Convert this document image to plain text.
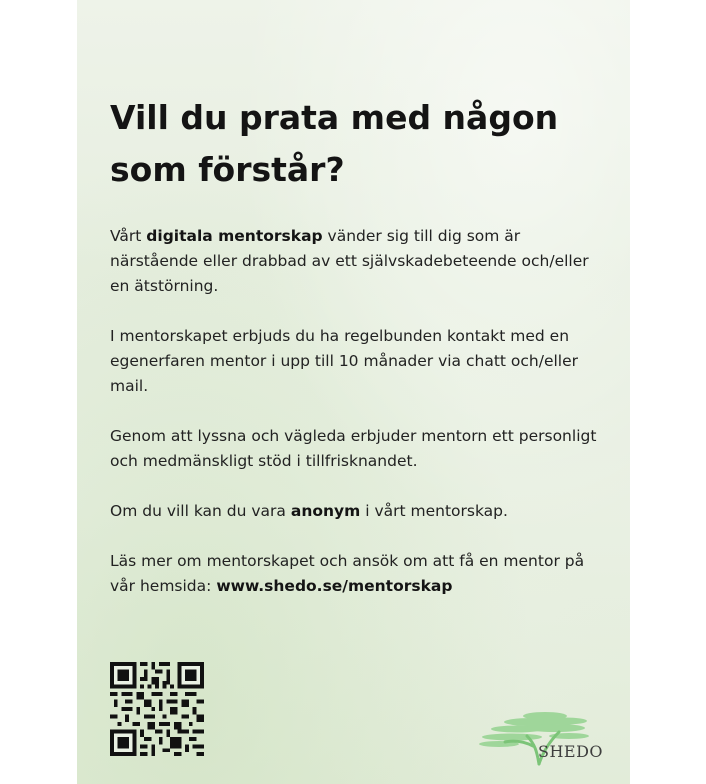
Vill du prata med någon som förstår?

Vårt digitala mentorskap vänder sig till dig som är närstående eller drabbad av ett självskadebeteende och/eller en ätstörning.

I mentorskapet erbjuds du ha regelbunden kontakt med en egenerfaren mentor i upp till 10 månader via chatt och/eller mail.

Genom att lyssna och vägleda erbjuder mentorn ett personligt och medmänskligt stöd i tillfrisknandet.

Om du vill kan du vara anonym i vårt mentorskap.

Läs mer om mentorskapet och ansök om att få en mentor på vår hemsida: www.shedo.se/mentorskap

SHEDO
